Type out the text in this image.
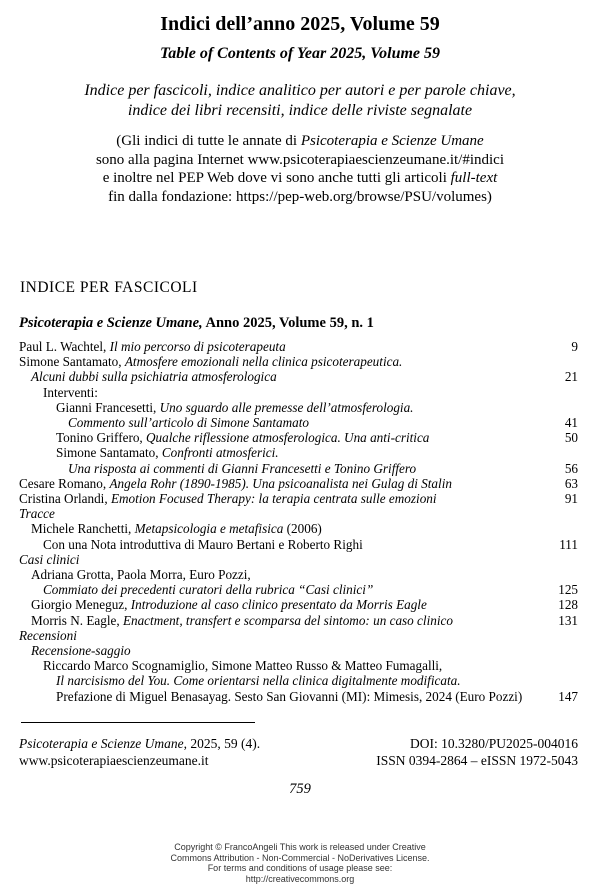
Indici dell’anno 2025, Volume 59
Table of Contents of Year 2025, Volume 59
Indice per fascicoli, indice analitico per autori e per parole chiave,
indice dei libri recensiti, indice delle riviste segnalate
(Gli indici di tutte le annate di Psicoterapia e Scienze Umane
sono alla pagina Internet www.psicoterapiaescienzeumane.it/#indici
e inoltre nel PEP Web dove vi sono anche tutti gli articoli full-text
fin dalla fondazione: https://pep-web.org/browse/PSU/volumes)
INDICE PER FASCICOLI
Psicoterapia e Scienze Umane, Anno 2025, Volume 59, n. 1
Paul L. Wachtel, Il mio percorso di psicoterapeuta	9
Simone Santamato, Atmosfere emozionali nella clinica psicoterapeutica.
Alcuni dubbi sulla psichiatria atmosferologica	21
Interventi:
Gianni Francesetti, Uno sguardo alle premesse dell’atmosferologia.
Commento sull’articolo di Simone Santamato	41
Tonino Griffero, Qualche riflessione atmosferologica. Una anti-critica	50
Simone Santamato, Confronti atmosferici.
Una risposta ai commenti di Gianni Francesetti e Tonino Griffero	56
Cesare Romano, Angela Rohr (1890-1985). Una psicoanalista nei Gulag di Stalin	63
Cristina Orlandi, Emotion Focused Therapy: la terapia centrata sulle emozioni	91
Tracce
Michele Ranchetti, Metapsicologia e metafisica (2006)
Con una Nota introduttiva di Mauro Bertani e Roberto Righi	111
Casi clinici
Adriana Grotta, Paola Morra, Euro Pozzi,
Commiato dei precedenti curatori della rubrica “Casi clinici”	125
Giorgio Meneguz, Introduzione al caso clinico presentato da Morris Eagle	128
Morris N. Eagle, Enactment, transfert e scomparsa del sintomo: un caso clinico	131
Recensioni
Recensione-saggio
Riccardo Marco Scognamiglio, Simone Matteo Russo & Matteo Fumagalli,
Il narcisismo del You. Come orientarsi nella clinica digitalmente modificata.
Prefazione di Miguel Benasayag. Sesto San Giovanni (MI): Mimesis, 2024 (Euro Pozzi)	147
Psicoterapia e Scienze Umane, 2025, 59 (4).
www.psicoterapiaescienzeumane.it
DOI: 10.3280/PU2025-004016
ISSN 0394-2864 – eISSN 1972-5043
759
Copyright © FrancoAngeli This work is released under Creative
Commons Attribution - Non-Commercial - NoDerivatives License.
For terms and conditions of usage please see:
http://creativecommons.org
